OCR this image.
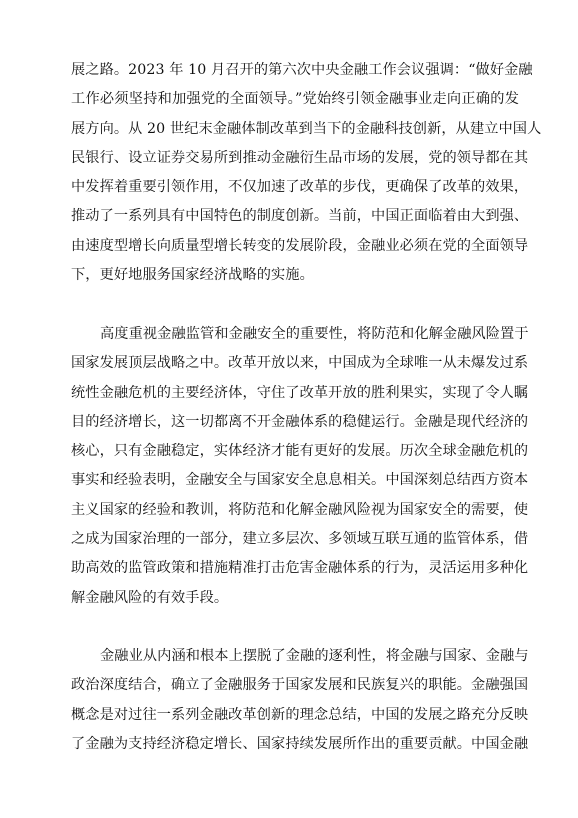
展之路。2023 年 10 月召开的第六次中央金融工作会议强调：“做好金融
工作必须坚持和加强党的全面领导。”党始终引领金融事业走向正确的发
展方向。从 20 世纪末金融体制改革到当下的金融科技创新，从建立中国人
民银行、设立证券交易所到推动金融衍生品市场的发展，党的领导都在其
中发挥着重要引领作用，不仅加速了改革的步伐，更确保了改革的效果，
推动了一系列具有中国特色的制度创新。当前，中国正面临着由大到强、
由速度型增长向质量型增长转变的发展阶段，金融业必须在党的全面领导
下，更好地服务国家经济战略的实施。
高度重视金融监管和金融安全的重要性，将防范和化解金融风险置于
国家发展顶层战略之中。改革开放以来，中国成为全球唯一从未爆发过系
统性金融危机的主要经济体，守住了改革开放的胜利果实，实现了令人瞩
目的经济增长，这一切都离不开金融体系的稳健运行。金融是现代经济的
核心，只有金融稳定，实体经济才能有更好的发展。历次全球金融危机的
事实和经验表明，金融安全与国家安全息息相关。中国深刻总结西方资本
主义国家的经验和教训，将防范和化解金融风险视为国家安全的需要，使
之成为国家治理的一部分，建立多层次、多领域互联互通的监管体系，借
助高效的监管政策和措施精准打击危害金融体系的行为，灵活运用多种化
解金融风险的有效手段。
金融业从内涵和根本上摆脱了金融的逐利性，将金融与国家、金融与
政治深度结合，确立了金融服务于国家发展和民族复兴的职能。金融强国
概念是对过往一系列金融改革创新的理念总结，中国的发展之路充分反映
了金融为支持经济稳定增长、国家持续发展所作出的重要贡献。中国金融
